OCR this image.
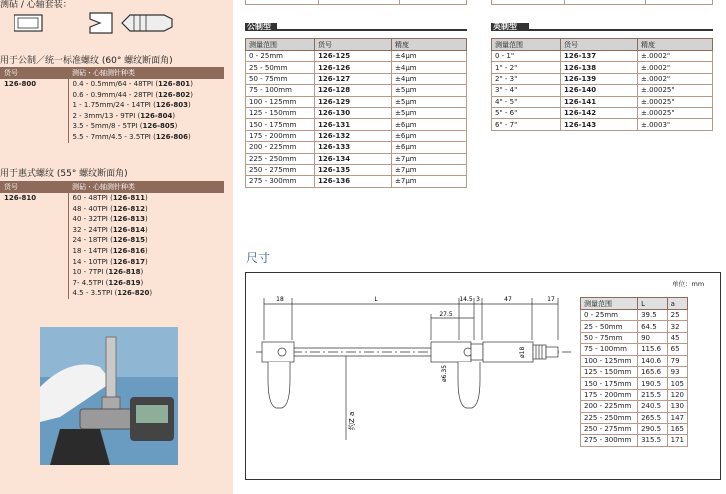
测砧 / 心轴套装：
用于公制／统一标准螺纹 (60° 螺纹断面角)
货号	测砧・心轴测针种类
126-800	0.4 - 0.5mm/64 - 48TPI (126-801)
	0.6 - 0.9mm/44 - 28TPI (126-802)
	1 - 1.75mm/24 - 14TPI (126-803)
	2 - 3mm/13 - 9TPI (126-804)
	3.5 - 5mm/8 - 5TPI (126-805)
	5.5 - 7mm/4.5 - 3.5TPI (126-806)
用于惠式螺纹 (55° 螺纹断面角)
货号	测砧・心轴测针种类
126-810	60 - 48TPI (126-811)
	48 - 40TPI (126-812)
	40 - 32TPI (126-813)
	32 - 24TPI (126-814)
	24 - 18TPI (126-815)
	18 - 14TPI (126-816)
	14 - 10TPI (126-817)
	10 - 7TPI (126-818)
	7- 4.5TPI (126-819)
	4.5 - 3.5TPI (126-820)

公制型
测量范围	货号	精度
0 - 25mm	126-125	±4μm
25 - 50mm	126-126	±4μm
50 - 75mm	126-127	±4μm
75 - 100mm	126-128	±5μm
100 - 125mm	126-129	±5μm
125 - 150mm	126-130	±5μm
150 - 175mm	126-131	±6μm
175 - 200mm	126-132	±6μm
200 - 225mm	126-133	±6μm
225 - 250mm	126-134	±7μm
250 - 275mm	126-135	±7μm
275 - 300mm	126-136	±7μm
英制型
测量范围	货号	精度
0 - 1"	126-137	±.0002"
1" - 2"	126-138	±.0002"
2" - 3"	126-139	±.0002"
3" - 4"	126-140	±.00025"
4" - 5"	126-141	±.00025"
5" - 6"	126-142	±.00025"
6" - 7"	126-143	±.0003"
尺寸
单位：mm
18	L	14.5 3	47	17
27.5
ø6.35
ø18
约Z a
测量范围	L	a
0 - 25mm	39.5	25
25 - 50mm	64.5	32
50 - 75mm	90	45
75 - 100mm	115.6	65
100 - 125mm	140.6	79
125 - 150mm	165.6	93
150 - 175mm	190.5	105
175 - 200mm	215.5	120
200 - 225mm	240.5	130
225 - 250mm	265.5	147
250 - 275mm	290.5	165
275 - 300mm	315.5	171
